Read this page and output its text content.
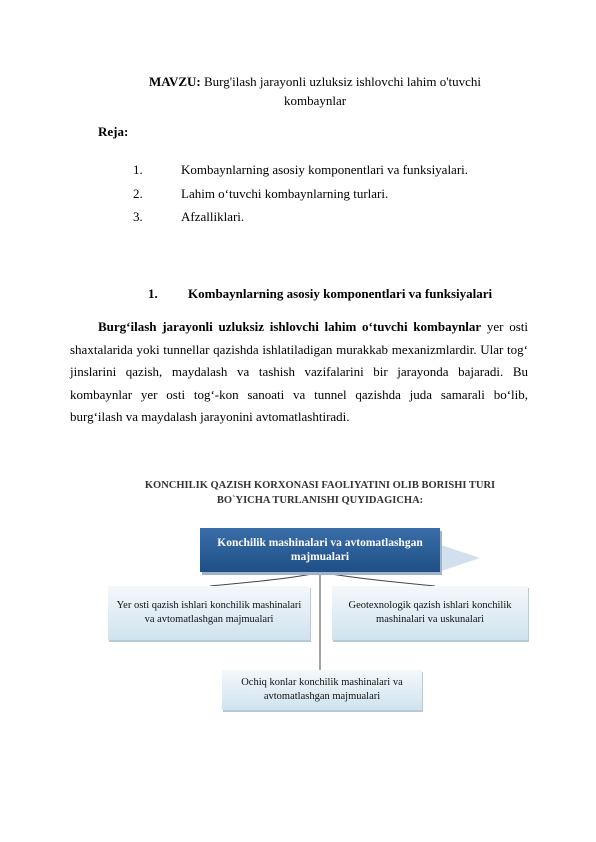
MAVZU: Burg'ilash jarayonli uzluksiz ishlovchi lahim o'tuvchi
kombaynlar
Reja:
1.	Kombaynlarning asosiy komponentlari va funksiyalari.
2.	Lahim o‘tuvchi kombaynlarning turlari.
3.	Afzalliklari.
1. Kombaynlarning asosiy komponentlari va funksiyalari
Burg‘ilash jarayonli uzluksiz ishlovchi lahim o‘tuvchi kombaynlar yer osti shaxtalarida yoki tunnellar qazishda ishlatiladigan murakkab mexanizmlardir. Ular tog‘ jinslarini qazish, maydalash va tashish vazifalarini bir jarayonda bajaradi. Bu kombaynlar yer osti tog‘-kon sanoati va tunnel qazishda juda samarali bo‘lib, burg‘ilash va maydalash jarayonini avtomatlashtiradi.
KONCHILIK QAZISH KORXONASI FAOLIYATINI OLIB BORISHI TURI
BO`YICHA TURLANISHI QUYIDAGICHA:
Konchilik mashinalari va avtomatlashgan majmualari
Yer osti qazish ishlari konchilik mashinalari va avtomatlashgan majmualari
Geotexnologik qazish ishlari konchilik mashinalari va uskunalari
Ochiq konlar konchilik mashinalari va avtomatlashgan majmualari
